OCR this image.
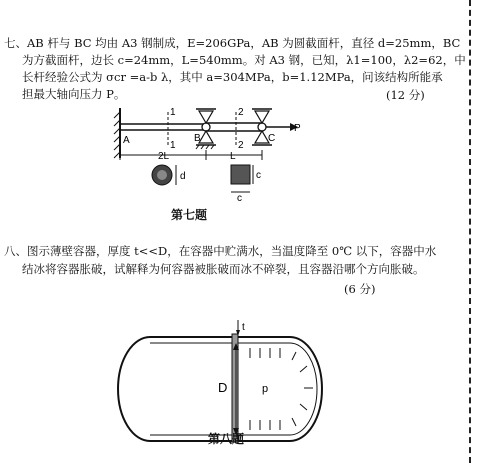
七、AB 杆与 BC 均由 A3 钢制成，E=206GPa，AB 为圆截面杆，直径 d=25mm，BC
为方截面杆，边长 c=24mm，L=540mm。对 A3 钢，已知，λ1=100，λ2=62，中
长杆经验公式为 σcr =a-b λ，其中 a=304MPa，b=1.12MPa，问该结构所能承
担最大轴向压力 P。	(12 分)
1
1
2
2
A	B	C
P
2L	L
d	c
c
第七题
八、图示薄壁容器，厚度 t<<D，在容器中贮满水，当温度降至 0℃ 以下，容器中水
结冰将容器胀破，试解释为何容器被胀破而冰不碎裂，且容器沿哪个方向胀破。
(6 分)
t
D	p
第八题
